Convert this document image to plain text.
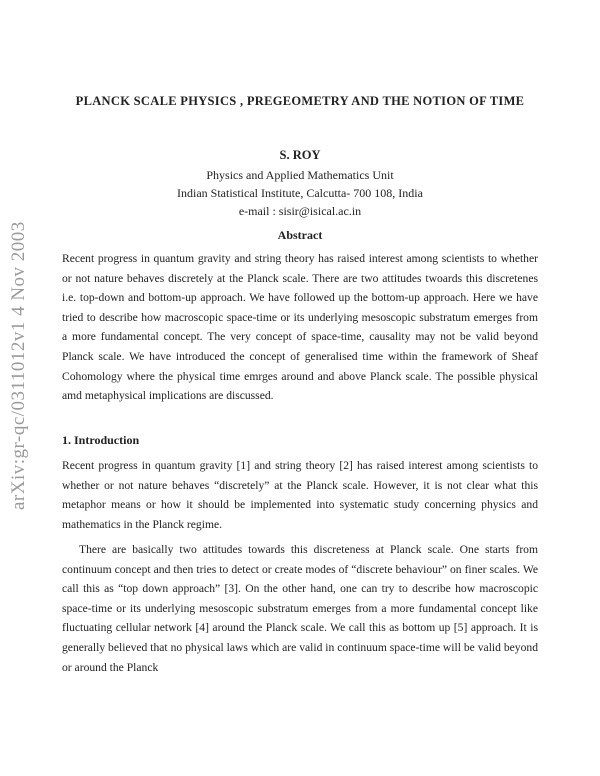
arXiv:gr-qc/0311012v1 4 Nov 2003
PLANCK SCALE PHYSICS , PREGEOMETRY AND THE NOTION OF TIME
S. ROY
Physics and Applied Mathematics Unit
Indian Statistical Institute, Calcutta- 700 108, India
e-mail : sisir@isical.ac.in
Abstract

Recent progress in quantum gravity and string theory has raised interest among scientists to whether or not nature behaves discretely at the Planck scale. There are two attitudes twoards this discretenes i.e. top-down and bottom-up approach. We have followed up the bottom-up approach. Here we have tried to describe how macroscopic space-time or its underlying mesoscopic substratum emerges from a more fundamental concept. The very concept of space-time, causality may not be valid beyond Planck scale. We have introduced the concept of generalised time within the framework of Sheaf Cohomology where the physical time emrges around and above Planck scale. The possible physical amd metaphysical implications are discussed.

1. Introduction

Recent progress in quantum gravity [1] and string theory [2] has raised interest among scientists to whether or not nature behaves “discretely” at the Planck scale. However, it is not clear what this metaphor means or how it should be implemented into systematic study concerning physics and mathematics in the Planck regime.

There are basically two attitudes towards this discreteness at Planck scale. One starts from continuum concept and then tries to detect or create modes of “discrete behaviour” on finer scales. We call this as “top down approach” [3]. On the other hand, one can try to describe how macroscopic space-time or its underlying mesoscopic substratum emerges from a more fundamental concept like fluctuating cellular network [4] around the Planck scale. We call this as bottom up [5] approach. It is generally believed that no physical laws which are valid in continuum space-time will be valid beyond or around the Planck
